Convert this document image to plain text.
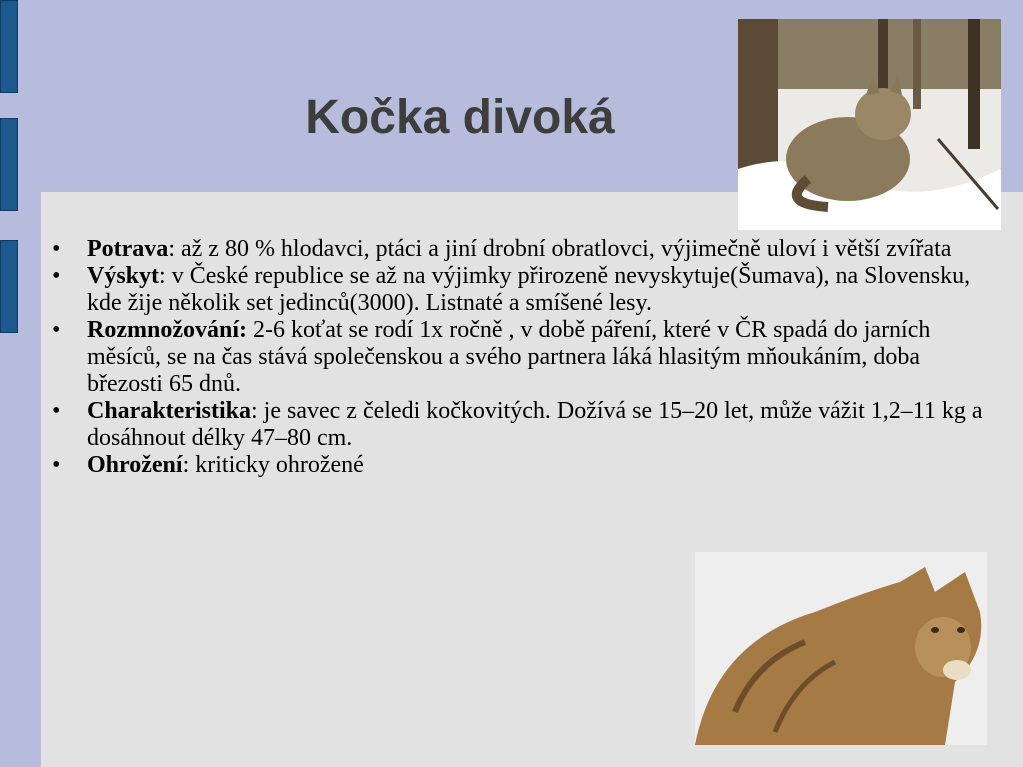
Kočka divoká
• Potrava: až z 80 % hlodavci, ptáci a jiní drobní obratlovci, výjimečně uloví i větší zvířata
• Výskyt: v České republice se až na výjimky přirozeně nevyskytuje(Šumava), na Slovensku, kde žije několik set jedinců(3000). Listnaté a smíšené lesy.
• Rozmnožování: 2-6 koťat se rodí 1x ročně , v době páření, které v ČR spadá do jarních měsíců, se na čas stává společenskou a svého partnera láká hlasitým mňoukáním, doba březosti 65 dnů.
• Charakteristika: je savec z čeledi kočkovitých. Dožívá se 15–20 let, může vážit 1,2–11 kg a dosáhnout délky 47–80 cm.
• Ohrožení: kriticky ohrožené
